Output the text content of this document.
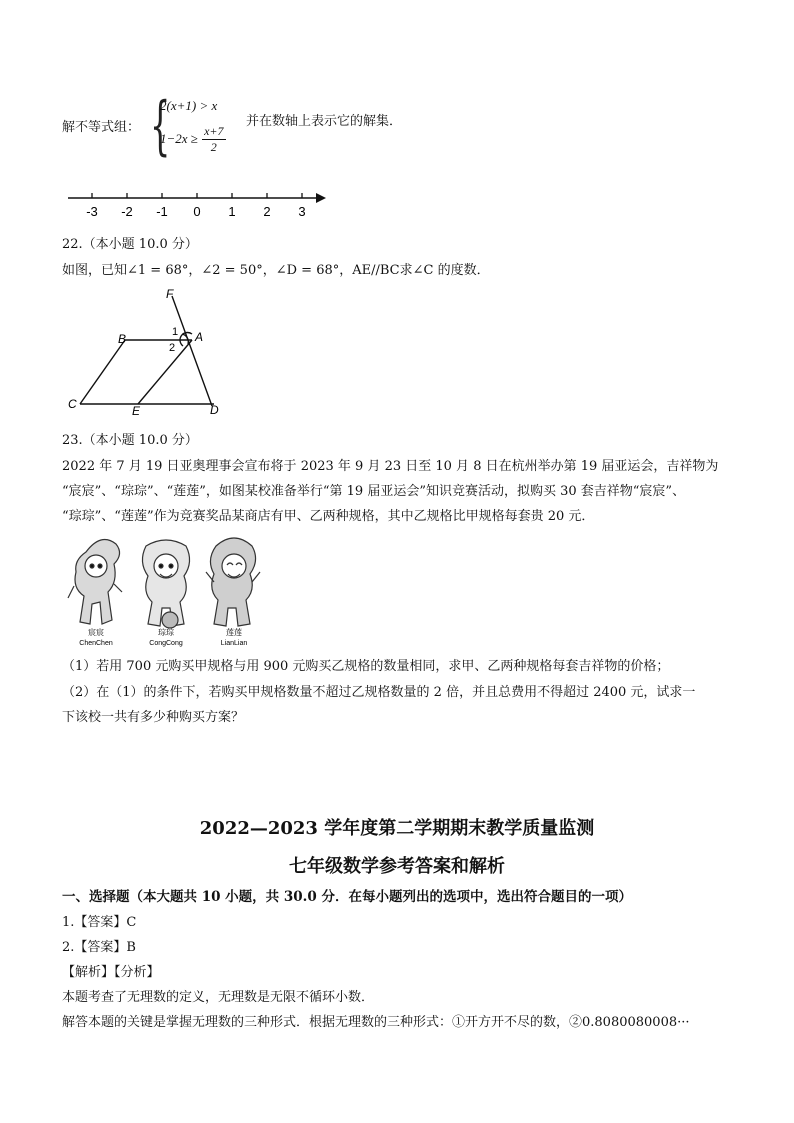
解不等式组： {
2(x+1) > x
$1-2x \ge \frac{x+7}{2}$
并在数轴上表示它的解集．
-3 -2 -1 0 1 2 3
22.（本小题 10.0 分）
如图，已知∠1 = 68°，∠2 = 50°，∠D = 68°，AE//BC求∠C 的度数．
F
B	1 A
2
C	E	D
23.（本小题 10.0 分）
2022 年 7 月 19 日亚奥理事会宣布将于 2023 年 9 月 23 日至 10 月 8 日在杭州举办第 19 届亚运会，吉祥物为
“宸宸”、“琮琮”、“莲莲”，如图某校准备举行“第 19 届亚运会”知识竞赛活动，拟购买 30 套吉祥物“宸宸”、
“琮琮”、“莲莲”作为竞赛奖品某商店有甲、乙两种规格，其中乙规格比甲规格每套贵 20 元．
宸宸
ChenChen
琮琮
CongCong
莲莲
LianLian
（1）若用 700 元购买甲规格与用 900 元购买乙规格的数量相同，求甲、乙两种规格每套吉祥物的价格；
（2）在（1）的条件下，若购买甲规格数量不超过乙规格数量的 2 倍，并且总费用不得超过 2400 元，试求一
下该校一共有多少种购买方案？
2022—2023 学年度第二学期期末教学质量监测
七年级数学参考答案和解析
一、选择题（本大题共 10 小题，共 30.0 分．在每小题列出的选项中，选出符合题目的一项）
1.【答案】C
2.【答案】B
【解析】【分析】
本题考查了无理数的定义，无理数是无限不循环小数．
解答本题的关键是掌握无理数的三种形式．根据无理数的三种形式：①开方开不尽的数，②0.8080080008···
